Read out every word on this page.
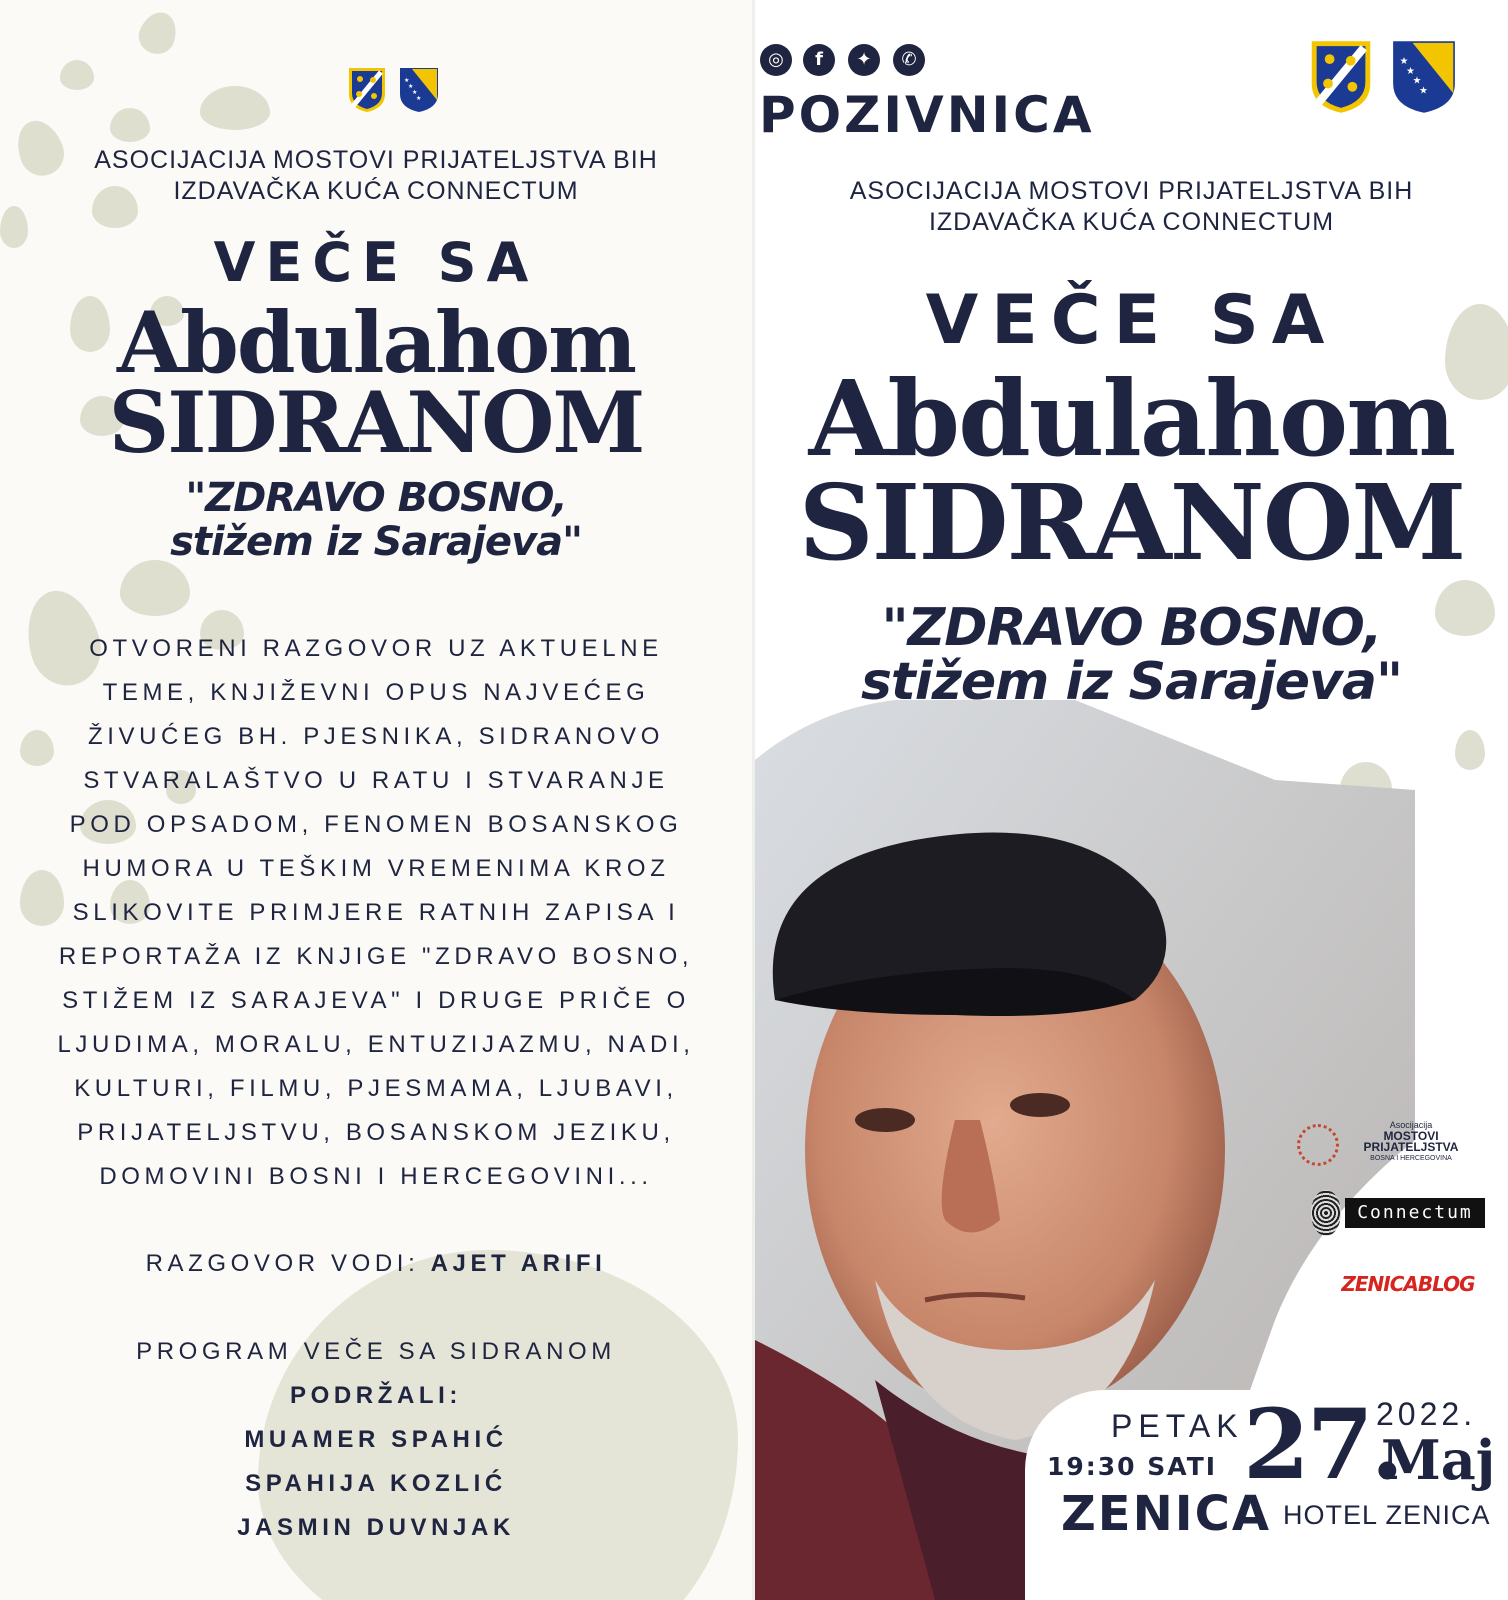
★
★
★
★
ASOCIJACIJA MOSTOVI PRIJATELJSTVA BIH
IZDAVAČKA KUĆA CONNECTUM
VEČE SA
Abdulahom
SIDRANOM
"ZDRAVO BOSNO,
stižem iz Sarajeva"
OTVORENI RAZGOVOR UZ AKTUELNE
TEME, KNJIŽEVNI OPUS NAJVEĆEG
ŽIVUĆEG BH. PJESNIKA, SIDRANOVO
STVARALAŠTVO U RATU I STVARANJE
POD OPSADOM, FENOMEN BOSANSKOG
HUMORA U TEŠKIM VREMENIMA KROZ
SLIKOVITE PRIMJERE RATNIH ZAPISA I
REPORTAŽA IZ KNJIGE "ZDRAVO BOSNO,
STIŽEM IZ SARAJEVA" I DRUGE PRIČE O
LJUDIMA, MORALU, ENTUZIJAZMU, NADI,
KULTURI, FILMU, PJESMAMA, LJUBAVI,
PRIJATELJSTVU, BOSANSKOM JEZIKU,
DOMOVINI BOSNI I HERCEGOVINI...
RAZGOVOR VODI: AJET ARIFI
PROGRAM VEČE SA SIDRANOM
PODRŽALI:
MUAMER SPAHIĆ
SPAHIJA KOZLIĆ
JASMIN DUVNJAK
◎	f	✦	✆
POZIVNICA
★
★
★
★
ASOCIJACIJA MOSTOVI PRIJATELJSTVA BIH
IZDAVAČKA KUĆA CONNECTUM
VEČE SA
Abdulahom
SIDRANOM
"ZDRAVO BOSNO,
stižem iz Sarajeva"
Asocijacija
MOSTOVI
PRIJATELJSTVA
BOSNA I HERCEGOVINA
Connectum
ZENICABLOG
PETAK
19:30 SATI 27.
2022.
Maj
ZENICA HOTEL ZENICA
